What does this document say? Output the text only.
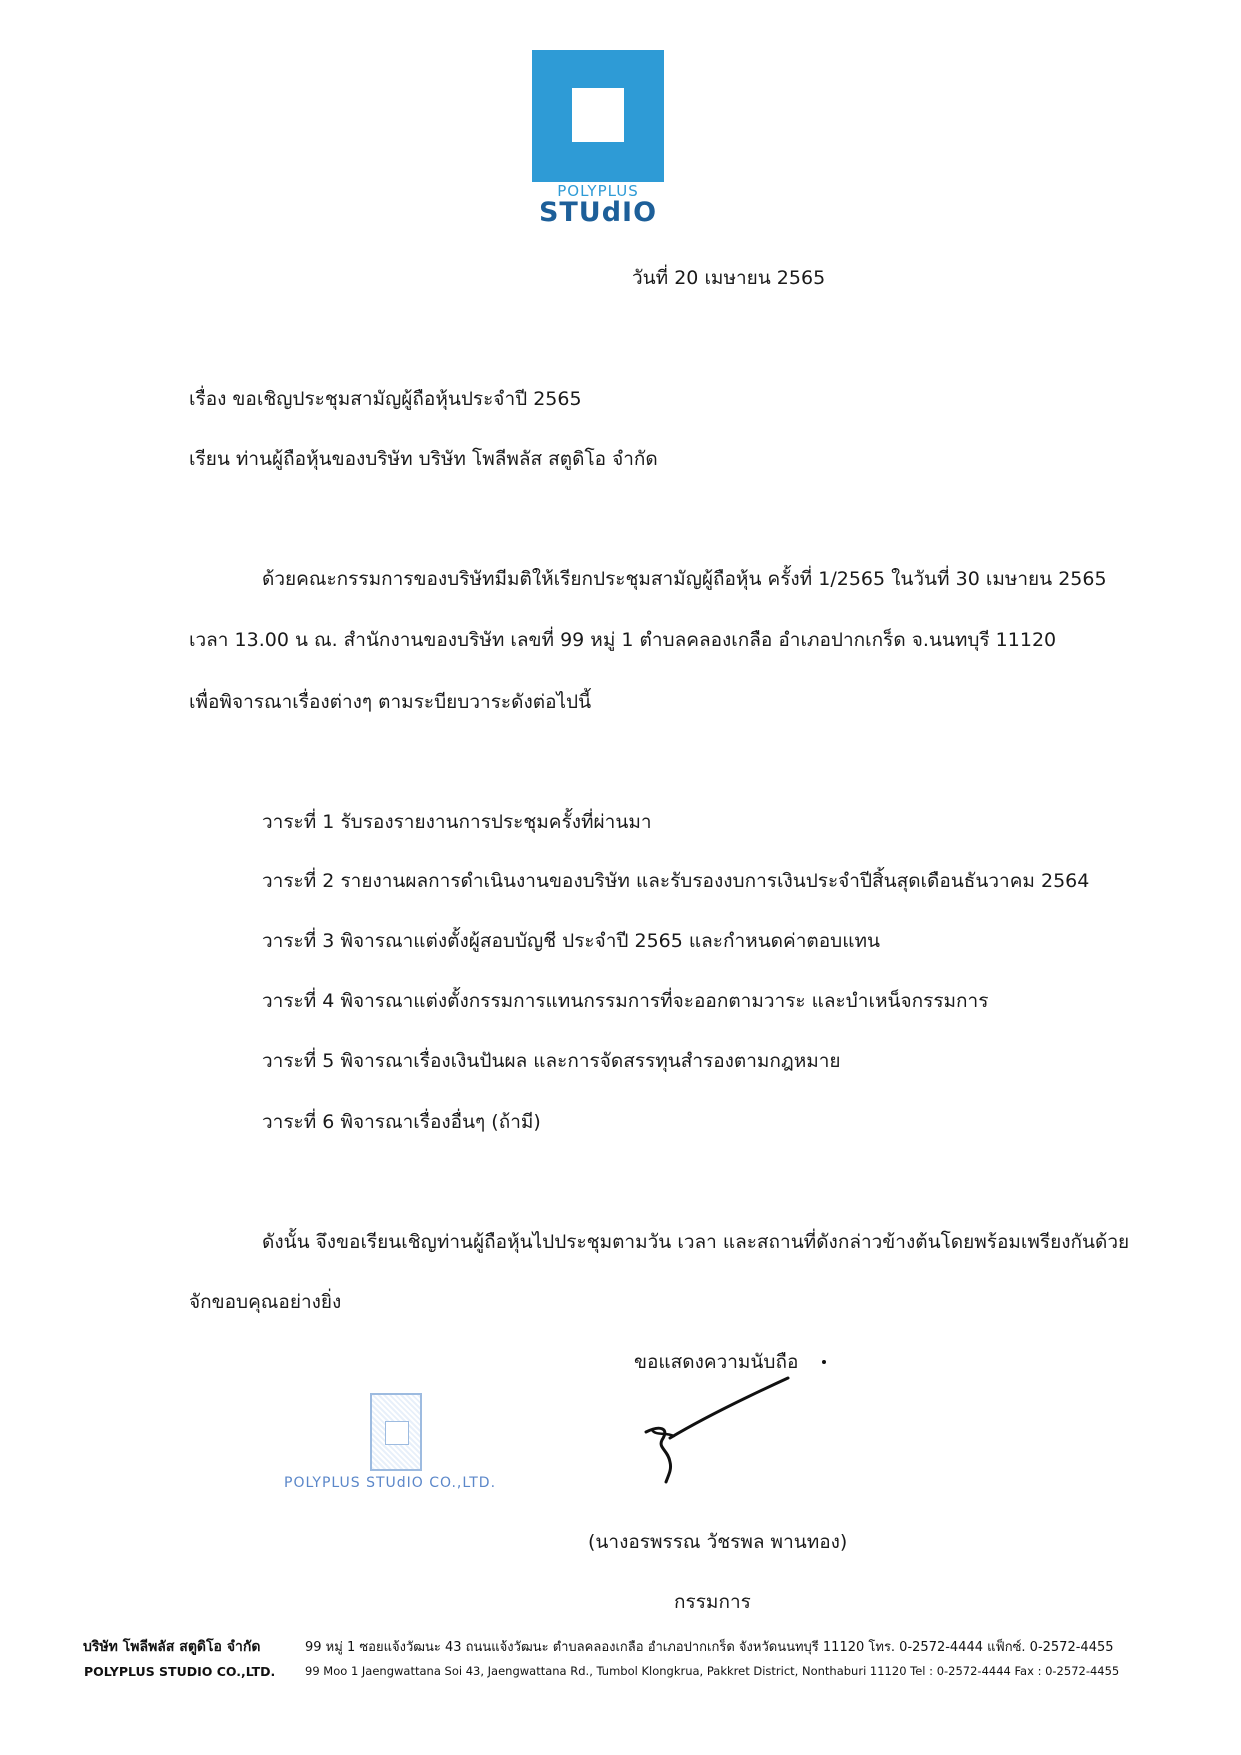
POLYPLUS
STUdIO
วันที่ 20 เมษายน 2565
เรื่อง ขอเชิญประชุมสามัญผู้ถือหุ้นประจำปี 2565
เรียน ท่านผู้ถือหุ้นของบริษัท บริษัท โพลีพลัส สตูดิโอ จำกัด
ด้วยคณะกรรมการของบริษัทมีมติให้เรียกประชุมสามัญผู้ถือหุ้น ครั้งที่ 1/2565 ในวันที่ 30 เมษายน 2565
เวลา 13.00 น ณ. สำนักงานของบริษัท เลขที่ 99 หมู่ 1 ตำบลคลองเกลือ อำเภอปากเกร็ด จ.นนทบุรี 11120
เพื่อพิจารณาเรื่องต่างๆ ตามระบียบวาระดังต่อไปนี้
วาระที่ 1 รับรองรายงานการประชุมครั้งที่ผ่านมา
วาระที่ 2 รายงานผลการดำเนินงานของบริษัท และรับรองงบการเงินประจำปีสิ้นสุดเดือนธันวาคม 2564
วาระที่ 3 พิจารณาแต่งตั้งผู้สอบบัญชี ประจำปี 2565 และกำหนดค่าตอบแทน
วาระที่ 4 พิจารณาแต่งตั้งกรรมการแทนกรรมการที่จะออกตามวาระ และบำเหน็จกรรมการ
วาระที่ 5 พิจารณาเรื่องเงินปันผล และการจัดสรรทุนสำรองตามกฎหมาย
วาระที่ 6 พิจารณาเรื่องอื่นๆ (ถ้ามี)
ดังนั้น จึงขอเรียนเชิญท่านผู้ถือหุ้นไปประชุมตามวัน เวลา และสถานที่ดังกล่าวข้างต้นโดยพร้อมเพรียงกันด้วย
จักขอบคุณอย่างยิ่ง
ขอแสดงความนับถือ
POLYPLUS STUdIO CO.,LTD.
(นางอรพรรณ วัชรพล พานทอง)
กรรมการ
บริษัท โพลีพลัส สตูดิโอ จำกัด	99 หมู่ 1 ซอยแจ้งวัฒนะ 43 ถนนแจ้งวัฒนะ ตำบลคลองเกลือ อำเภอปากเกร็ด จังหวัดนนทบุรี 11120 โทร. 0-2572-4444 แฟ็กซ์. 0-2572-4455
POLYPLUS STUDIO CO.,LTD.	99 Moo 1 Jaengwattana Soi 43, Jaengwattana Rd., Tumbol Klongkrua, Pakkret District, Nonthaburi 11120 Tel : 0-2572-4444 Fax : 0-2572-4455
